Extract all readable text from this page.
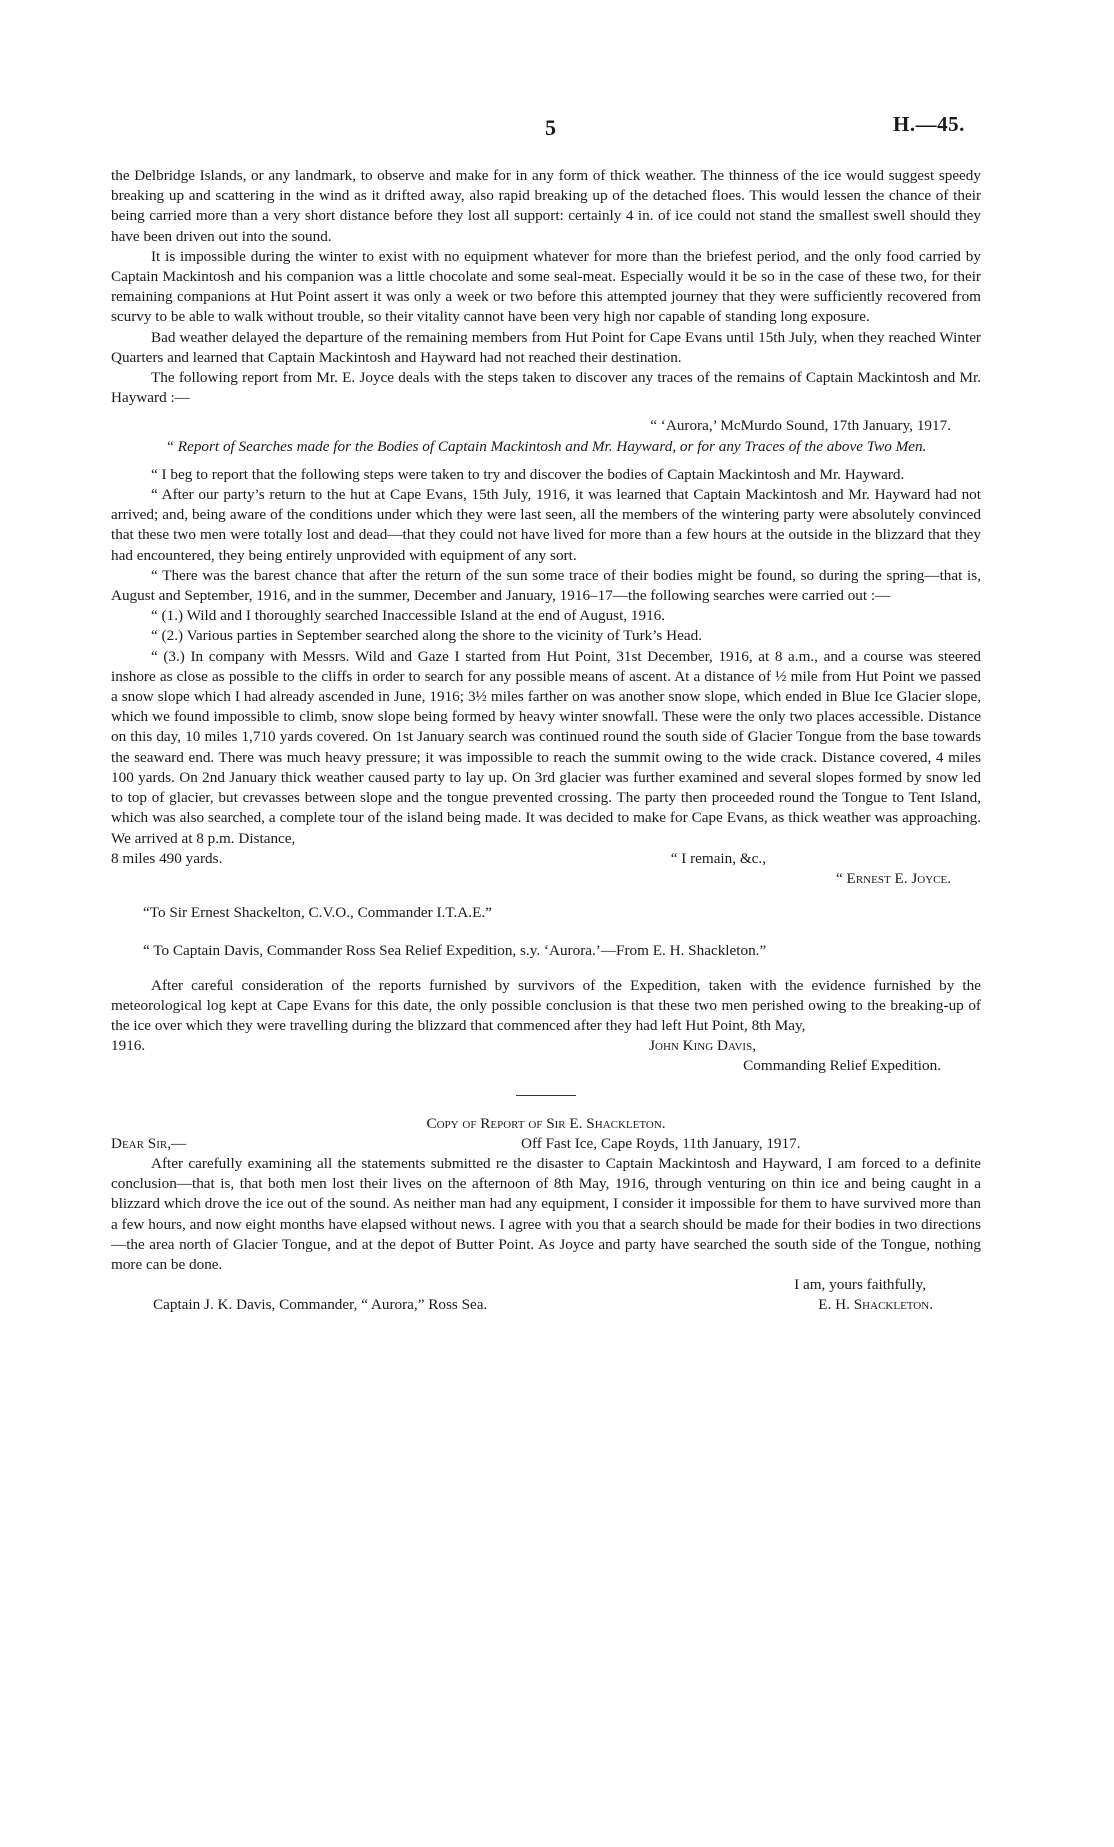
5	H.—45.

the Delbridge Islands, or any landmark, to observe and make for in any form of thick weather. The thinness of the ice would suggest speedy breaking up and scattering in the wind as it drifted away, also rapid breaking up of the detached floes. This would lessen the chance of their being carried more than a very short distance before they lost all support: certainly 4 in. of ice could not stand the smallest swell should they have been driven out into the sound.

It is impossible during the winter to exist with no equipment whatever for more than the briefest period, and the only food carried by Captain Mackintosh and his companion was a little chocolate and some seal-meat. Especially would it be so in the case of these two, for their remaining companions at Hut Point assert it was only a week or two before this attempted journey that they were sufficiently recovered from scurvy to be able to walk without trouble, so their vitality cannot have been very high nor capable of standing long exposure.

Bad weather delayed the departure of the remaining members from Hut Point for Cape Evans until 15th July, when they reached Winter Quarters and learned that Captain Mackintosh and Hayward had not reached their destination.

The following report from Mr. E. Joyce deals with the steps taken to discover any traces of the remains of Captain Mackintosh and Mr. Hayward :—

“ ‘Aurora,’ McMurdo Sound, 17th January, 1917.

“ Report of Searches made for the Bodies of Captain Mackintosh and Mr. Hayward, or for any Traces of the above Two Men.

“ I beg to report that the following steps were taken to try and discover the bodies of Captain Mackintosh and Mr. Hayward.

“ After our party’s return to the hut at Cape Evans, 15th July, 1916, it was learned that Captain Mackintosh and Mr. Hayward had not arrived; and, being aware of the conditions under which they were last seen, all the members of the wintering party were absolutely convinced that these two men were totally lost and dead—that they could not have lived for more than a few hours at the outside in the blizzard that they had encountered, they being entirely unprovided with equipment of any sort.

“ There was the barest chance that after the return of the sun some trace of their bodies might be found, so during the spring—that is, August and September, 1916, and in the summer, December and January, 1916–17—the following searches were carried out :—

“ (1.) Wild and I thoroughly searched Inaccessible Island at the end of August, 1916.

“ (2.) Various parties in September searched along the shore to the vicinity of Turk’s Head.

“ (3.) In company with Messrs. Wild and Gaze I started from Hut Point, 31st December, 1916, at 8 a.m., and a course was steered inshore as close as possible to the cliffs in order to search for any possible means of ascent. At a distance of ½ mile from Hut Point we passed a snow slope which I had already ascended in June, 1916; 3½ miles farther on was another snow slope, which ended in Blue Ice Glacier slope, which we found impossible to climb, snow slope being formed by heavy winter snowfall. These were the only two places accessible. Distance on this day, 10 miles 1,710 yards covered. On 1st January search was continued round the south side of Glacier Tongue from the base towards the seaward end. There was much heavy pressure; it was impossible to reach the summit owing to the wide crack. Distance covered, 4 miles 100 yards. On 2nd January thick weather caused party to lay up. On 3rd glacier was further examined and several slopes formed by snow led to top of glacier, but crevasses between slope and the tongue prevented crossing. The party then proceeded round the Tongue to Tent Island, which was also searched, a complete tour of the island being made. It was decided to make for Cape Evans, as thick weather was approaching. We arrived at 8 p.m. Distance,

8 miles 490 yards.	“ I remain, &c.,

“ Ernest E. Joyce.

“To Sir Ernest Shackelton, C.V.O., Commander I.T.A.E.”

“ To Captain Davis, Commander Ross Sea Relief Expedition, s.y. ‘Aurora.’—From E. H. Shackleton.”

After careful consideration of the reports furnished by survivors of the Expedition, taken with the evidence furnished by the meteorological log kept at Cape Evans for this date, the only possible conclusion is that these two men perished owing to the breaking-up of the ice over which they were travelling during the blizzard that commenced after they had left Hut Point, 8th May,

1916.	John King Davis,

Commanding Relief Expedition.

Copy of Report of Sir E. Shackleton.

Dear Sir,—	Off Fast Ice, Cape Royds, 11th January, 1917.

After carefully examining all the statements submitted re the disaster to Captain Mackintosh and Hayward, I am forced to a definite conclusion—that is, that both men lost their lives on the afternoon of 8th May, 1916, through venturing on thin ice and being caught in a blizzard which drove the ice out of the sound. As neither man had any equipment, I consider it impossible for them to have survived more than a few hours, and now eight months have elapsed without news. I agree with you that a search should be made for their bodies in two directions—the area north of Glacier Tongue, and at the depot of Butter Point. As Joyce and party have searched the south side of the Tongue, nothing more can be done.

I am, yours faithfully,

Captain J. K. Davis, Commander, “ Aurora,” Ross Sea.	E. H. Shackleton.
